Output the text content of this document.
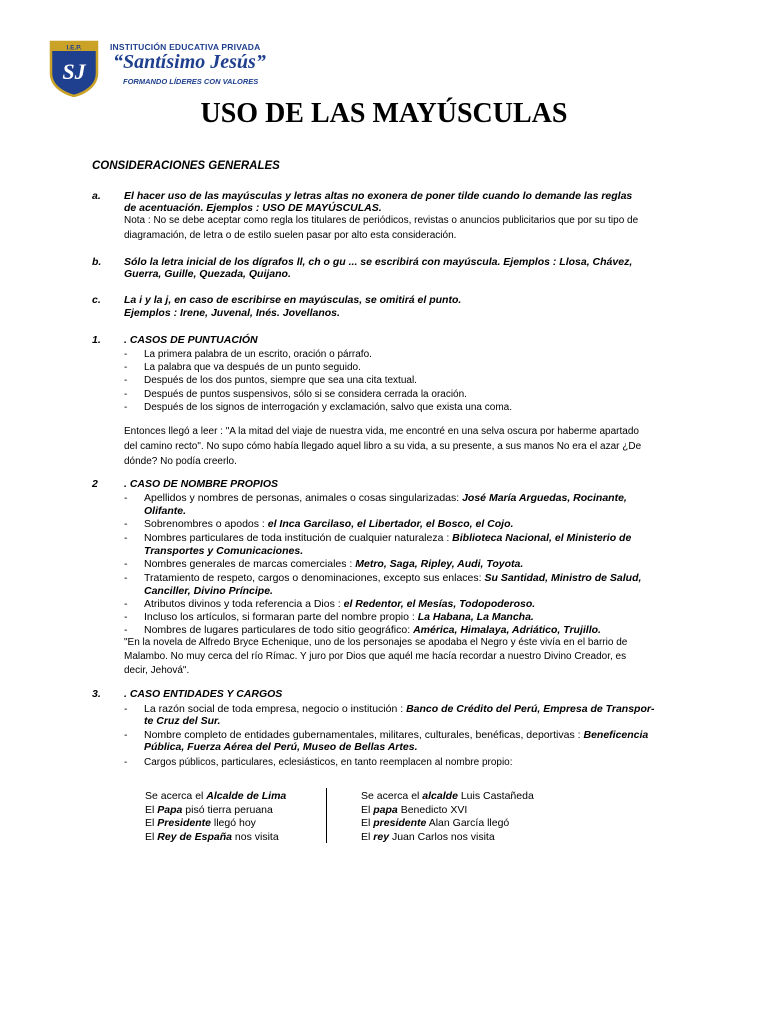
I.E.P.
SJ
INSTITUCIÓN EDUCATIVA PRIVADA
“Santísimo Jesús”
FORMANDO LÍDERES CON VALORES
USO DE LAS MAYÚSCULAS
CONSIDERACIONES GENERALES
a. El hacer uso de las mayúsculas y letras altas no exonera de poner tilde cuando lo demande las reglas
de acentuación. Ejemplos : USO DE MAYÚSCULAS.
Nota : No se debe aceptar como regla los titulares de periódicos, revistas o anuncios publicitarios que por su tipo de
diagramación, de letra o de estilo suelen pasar por alto esta consideración.
b. Sólo la letra inicial de los dígrafos ll, ch o gu ... se escribirá con mayúscula. Ejemplos : Llosa, Chávez,
Guerra, Guille, Quezada, Quijano.
c. La i y la j, en caso de escribirse en mayúsculas, se omitirá el punto.
Ejemplos : Irene, Juvenal, Inés. Jovellanos.
1. . CASOS DE PUNTUACIÓN
- La primera palabra de un escrito, oración o párrafo.
- La palabra que va después de un punto seguido.
- Después de los dos puntos, siempre que sea una cita textual.
- Después de puntos suspensivos, sólo si se considera cerrada la oración.
- Después de los signos de interrogación y exclamación, salvo que exista una coma.
Entonces llegó a leer : "A la mitad del viaje de nuestra vida, me encontré en una selva oscura por haberme apartado
del camino recto". No supo cómo había llegado aquel libro a su vida, a su presente, a sus manos No era el azar ¿De
dónde? No podía creerlo.
2 . CASO DE NOMBRE PROPIOS
- Apellidos y nombres de personas, animales o cosas singularizadas: José María Arguedas, Rocinante,
Olifante.
- Sobrenombres o apodos : el Inca Garcilaso, el Libertador, el Bosco, el Cojo.
- Nombres particulares de toda institución de cualquier naturaleza : Biblioteca Nacional, el Ministerio de
Transportes y Comunicaciones.
- Nombres generales de marcas comerciales : Metro, Saga, Ripley, Audi, Toyota.
- Tratamiento de respeto, cargos o denominaciones, excepto sus enlaces: Su Santidad, Ministro de Salud,
Canciller, Divino Príncipe.
- Atributos divinos y toda referencia a Dios : el Redentor, el Mesías, Todopoderoso.
- Incluso los artículos, si formaran parte del nombre propio : La Habana, La Mancha.
- Nombres de lugares particulares de todo sitio geográfico: América, Himalaya, Adriático, Trujillo.
"En la novela de Alfredo Bryce Echenique, uno de los personajes se apodaba el Negro y éste vivía en el barrio de
Malambo. No muy cerca del río Rímac. Y juro por Dios que aquél me hacía recordar a nuestro Divino Creador, es
decir, Jehová".
3. . CASO ENTIDADES Y CARGOS
- La razón social de toda empresa, negocio o institución : Banco de Crédito del Perú, Empresa de Transpor-
te Cruz del Sur.
- Nombre completo de entidades gubernamentales, militares, culturales, benéficas, deportivas : Beneficencia
Pública, Fuerza Aérea del Perú, Museo de Bellas Artes.
- Cargos públicos, particulares, eclesiásticos, en tanto reemplacen al nombre propio:
Se acerca el Alcalde de Lima
El Papa pisó tierra peruana
El Presidente llegó hoy
El Rey de España nos visita
Se acerca el alcalde Luis Castañeda
El papa Benedicto XVI
El presidente Alan García llegó
El rey Juan Carlos nos visita
